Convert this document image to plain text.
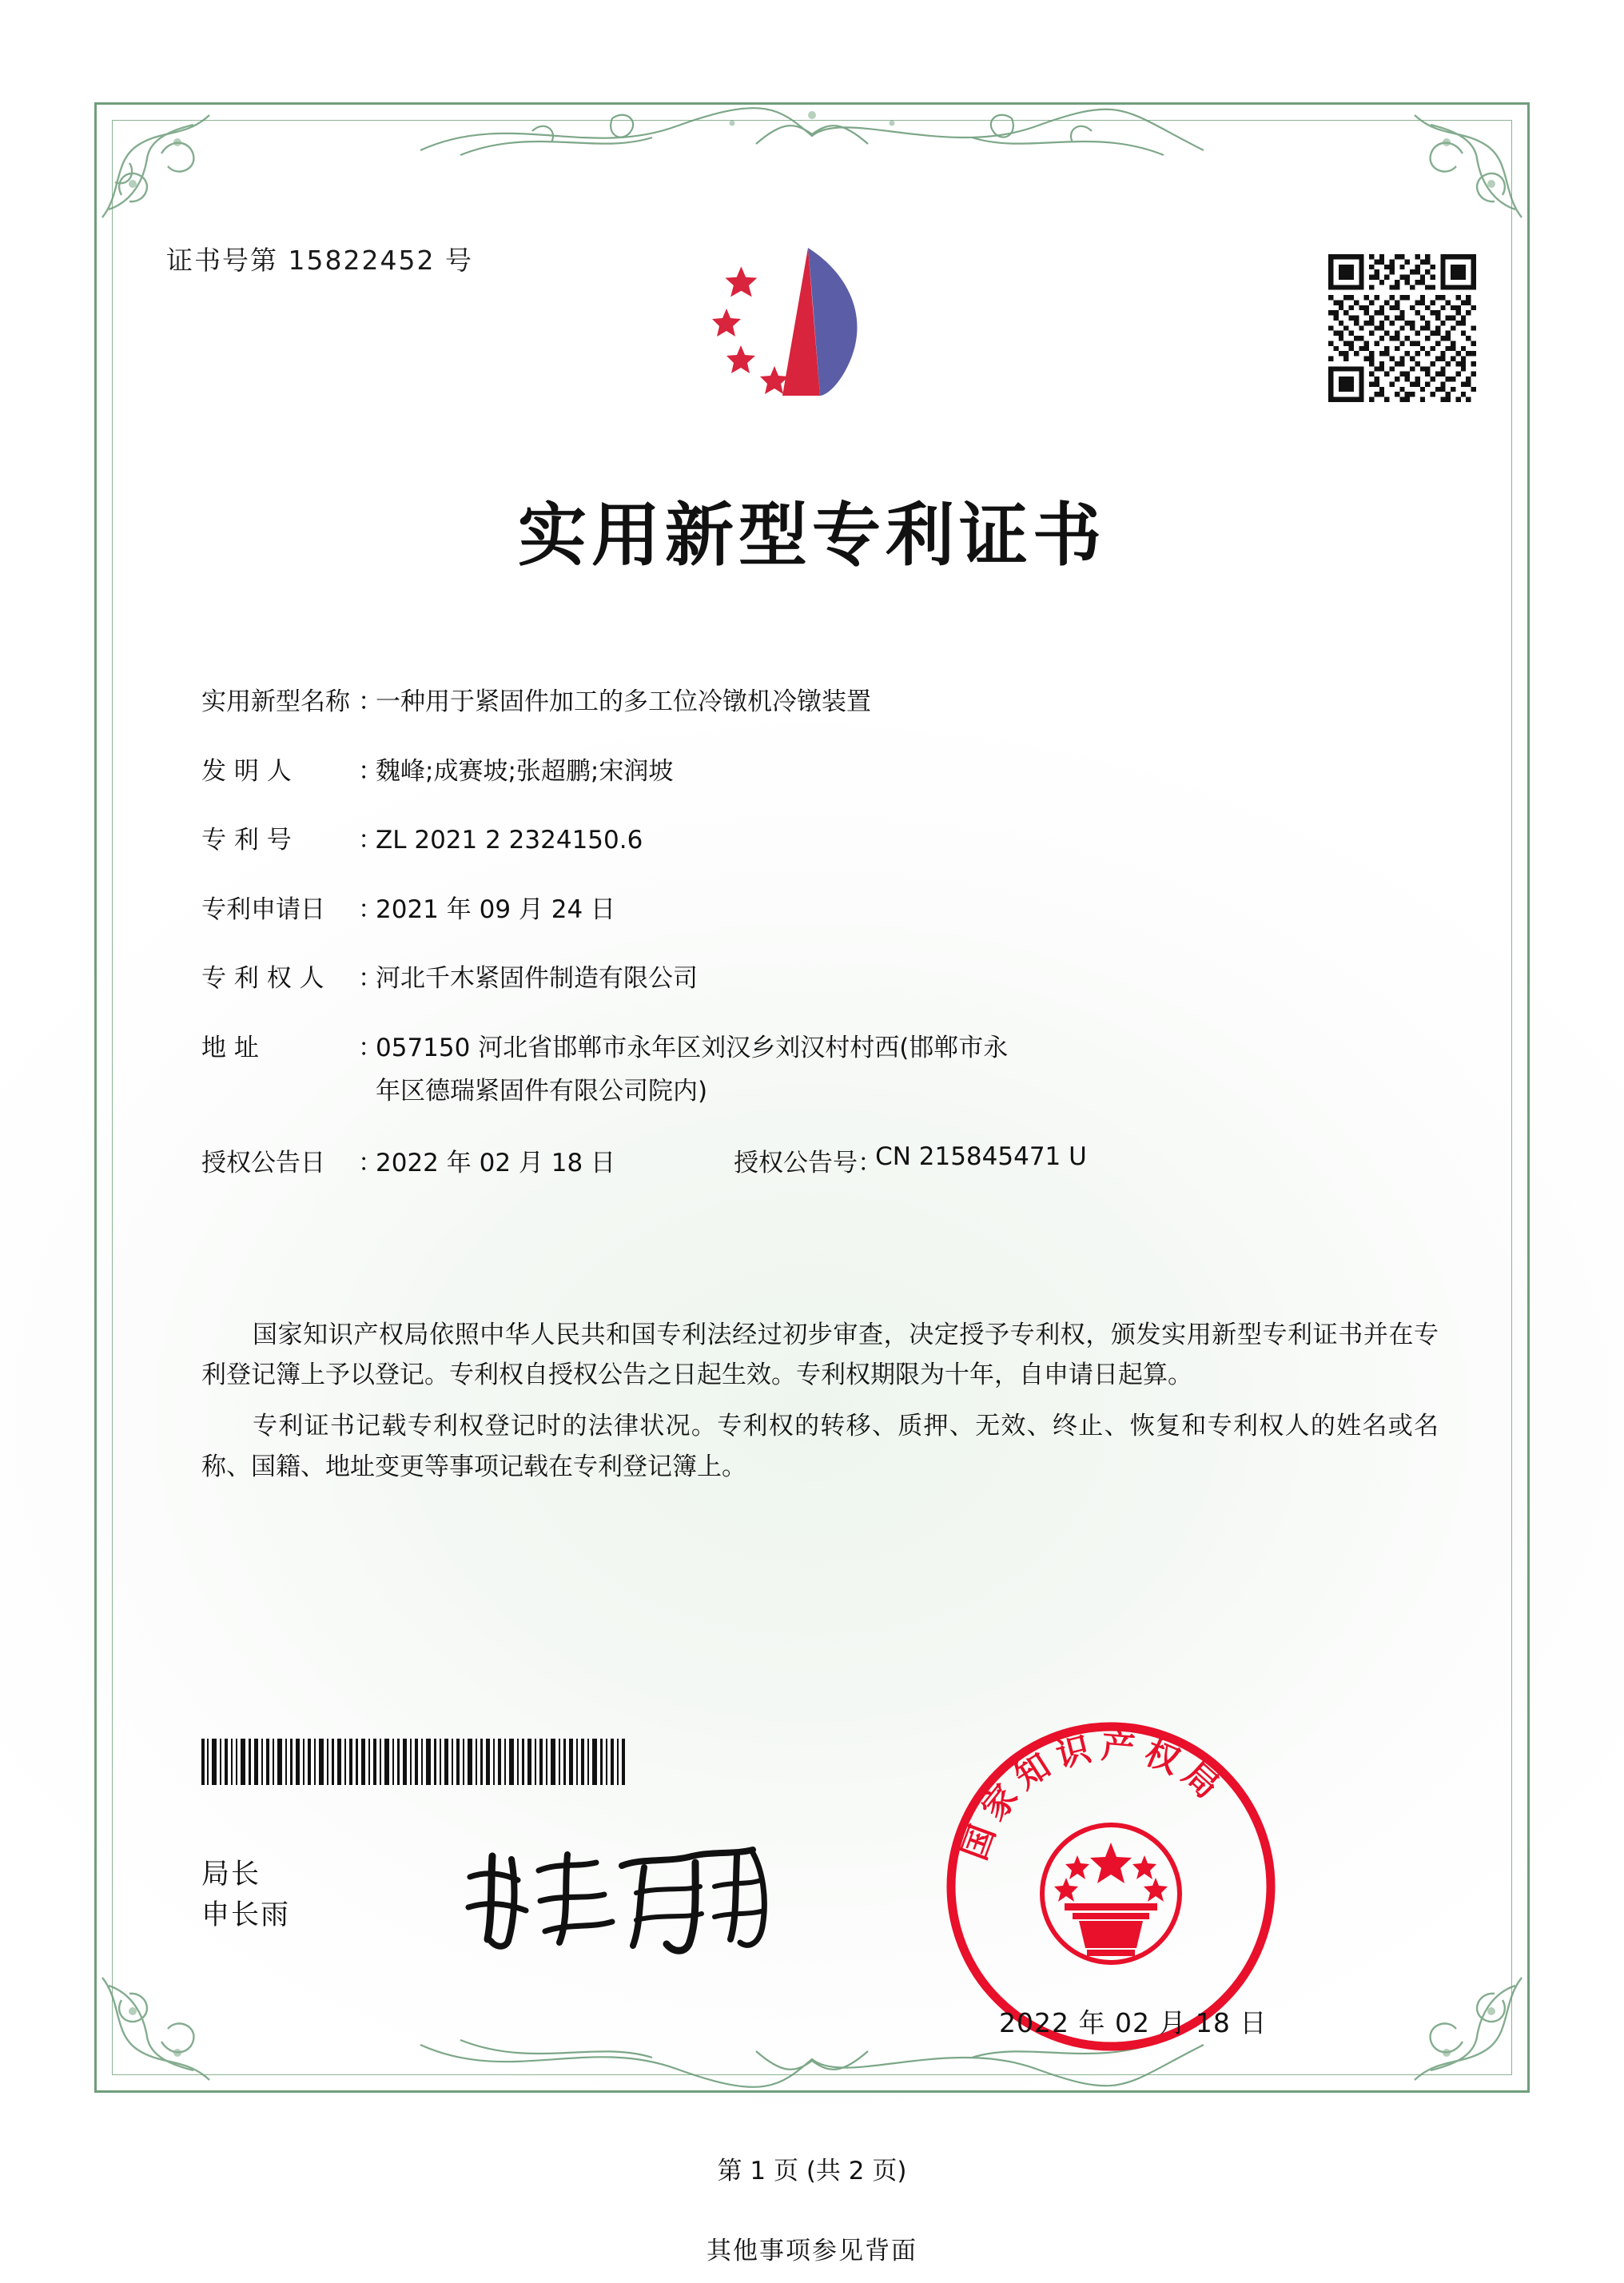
证书号第 15822452 号
实用新型专利证书
实用新型名称 ：
一种用于紧固件加工的多工位冷镦机冷镦装置
发 明 人	：
魏峰;成赛坡;张超鹏;宋润坡
专 利 号	：
ZL 2021 2 2324150.6
专利申请日	：
2021 年 09 月 24 日
专 利 权 人	：
河北千木紧固件制造有限公司
地 址	：
057150 河北省邯郸市永年区刘汉乡刘汉村村西(邯郸市永
年区德瑞紧固件有限公司院内)
授权公告日	：
2022 年 02 月 18 日	授权公告号 ：
CN 215845471 U

国家知识产权局依照中华人民共和国专利法经过初步审查，决定授予专利权，颁发实用新型专利证书并在专利登记簿上予以登记。专利权自授权公告之日起生效。专利权期限为十年，自申请日起算。

专利证书记载专利权登记时的法律状况。专利权的转移、质押、无效、终止、恢复和专利权人的姓名或名称、国籍、地址变更等事项记载在专利登记簿上。

局长
申长雨
国家知识产权局
2022 年 02 月 18 日
第 1 页 (共 2 页)
其他事项参见背面
